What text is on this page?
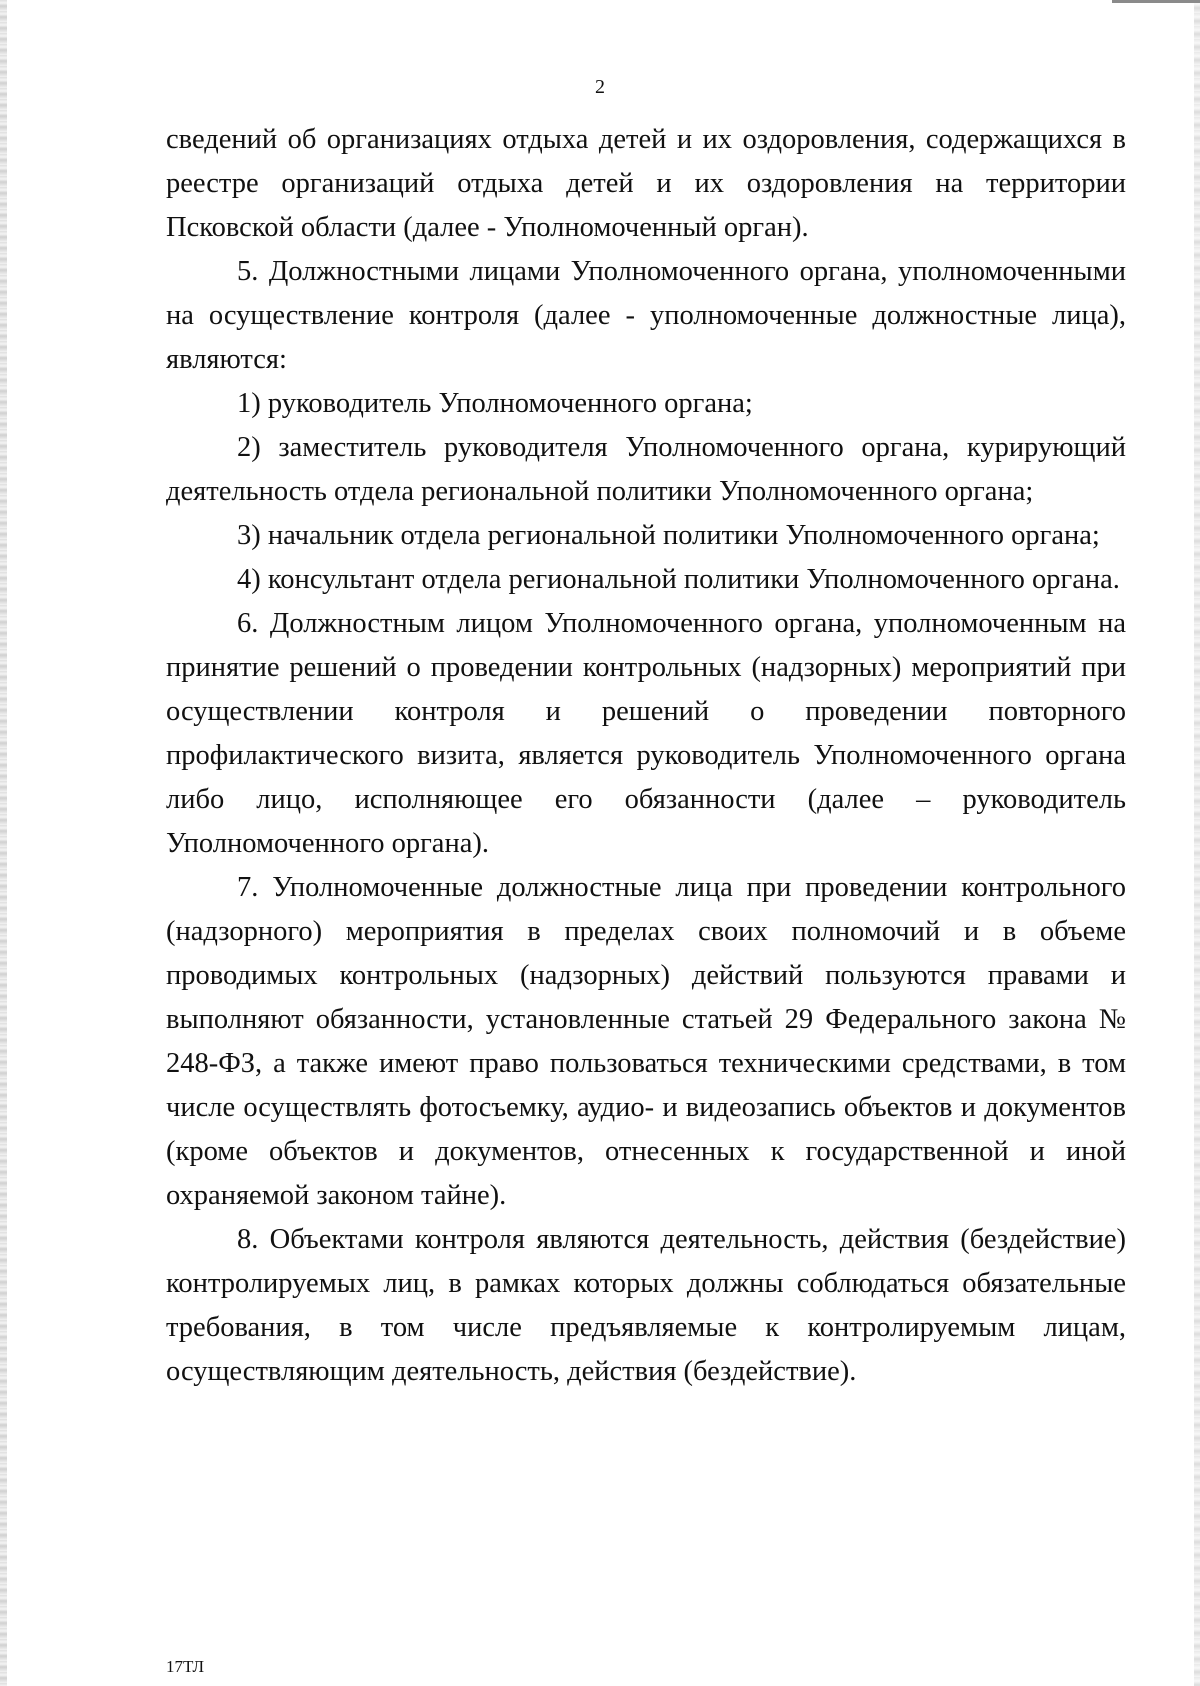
2

сведений об организациях отдыха детей и их оздоровления, содержащихся в реестре организаций отдыха детей и их оздоровления на территории Псковской области (далее - Уполномоченный орган).

5. Должностными лицами Уполномоченного органа, уполномоченными на осуществление контроля (далее - уполномоченные должностные лица), являются:

1) руководитель Уполномоченного органа;

2) заместитель руководителя Уполномоченного органа, курирующий деятельность отдела региональной политики Уполномоченного органа;

3) начальник отдела региональной политики Уполномоченного органа;

4) консультант отдела региональной политики Уполномоченного органа.

6. Должностным лицом Уполномоченного органа, уполномоченным на принятие решений о проведении контрольных (надзорных) мероприятий при осуществлении контроля и решений о проведении повторного профилактического визита, является руководитель Уполномоченного органа либо лицо, исполняющее его обязанности (далее – руководитель Уполномоченного органа).

7. Уполномоченные должностные лица при проведении контрольного (надзорного) мероприятия в пределах своих полномочий и в объеме проводимых контрольных (надзорных) действий пользуются правами и выполняют обязанности, установленные статьей 29 Федерального закона № 248-ФЗ, а также имеют право пользоваться техническими средствами, в том числе осуществлять фотосъемку, аудио- и видеозапись объектов и документов (кроме объектов и документов, отнесенных к государственной и иной охраняемой законом тайне).

8. Объектами контроля являются деятельность, действия (бездействие) контролируемых лиц, в рамках которых должны соблюдаться обязательные требования, в том числе предъявляемые к контролируемым лицам, осуществляющим деятельность, действия (бездействие).

17ТЛ
